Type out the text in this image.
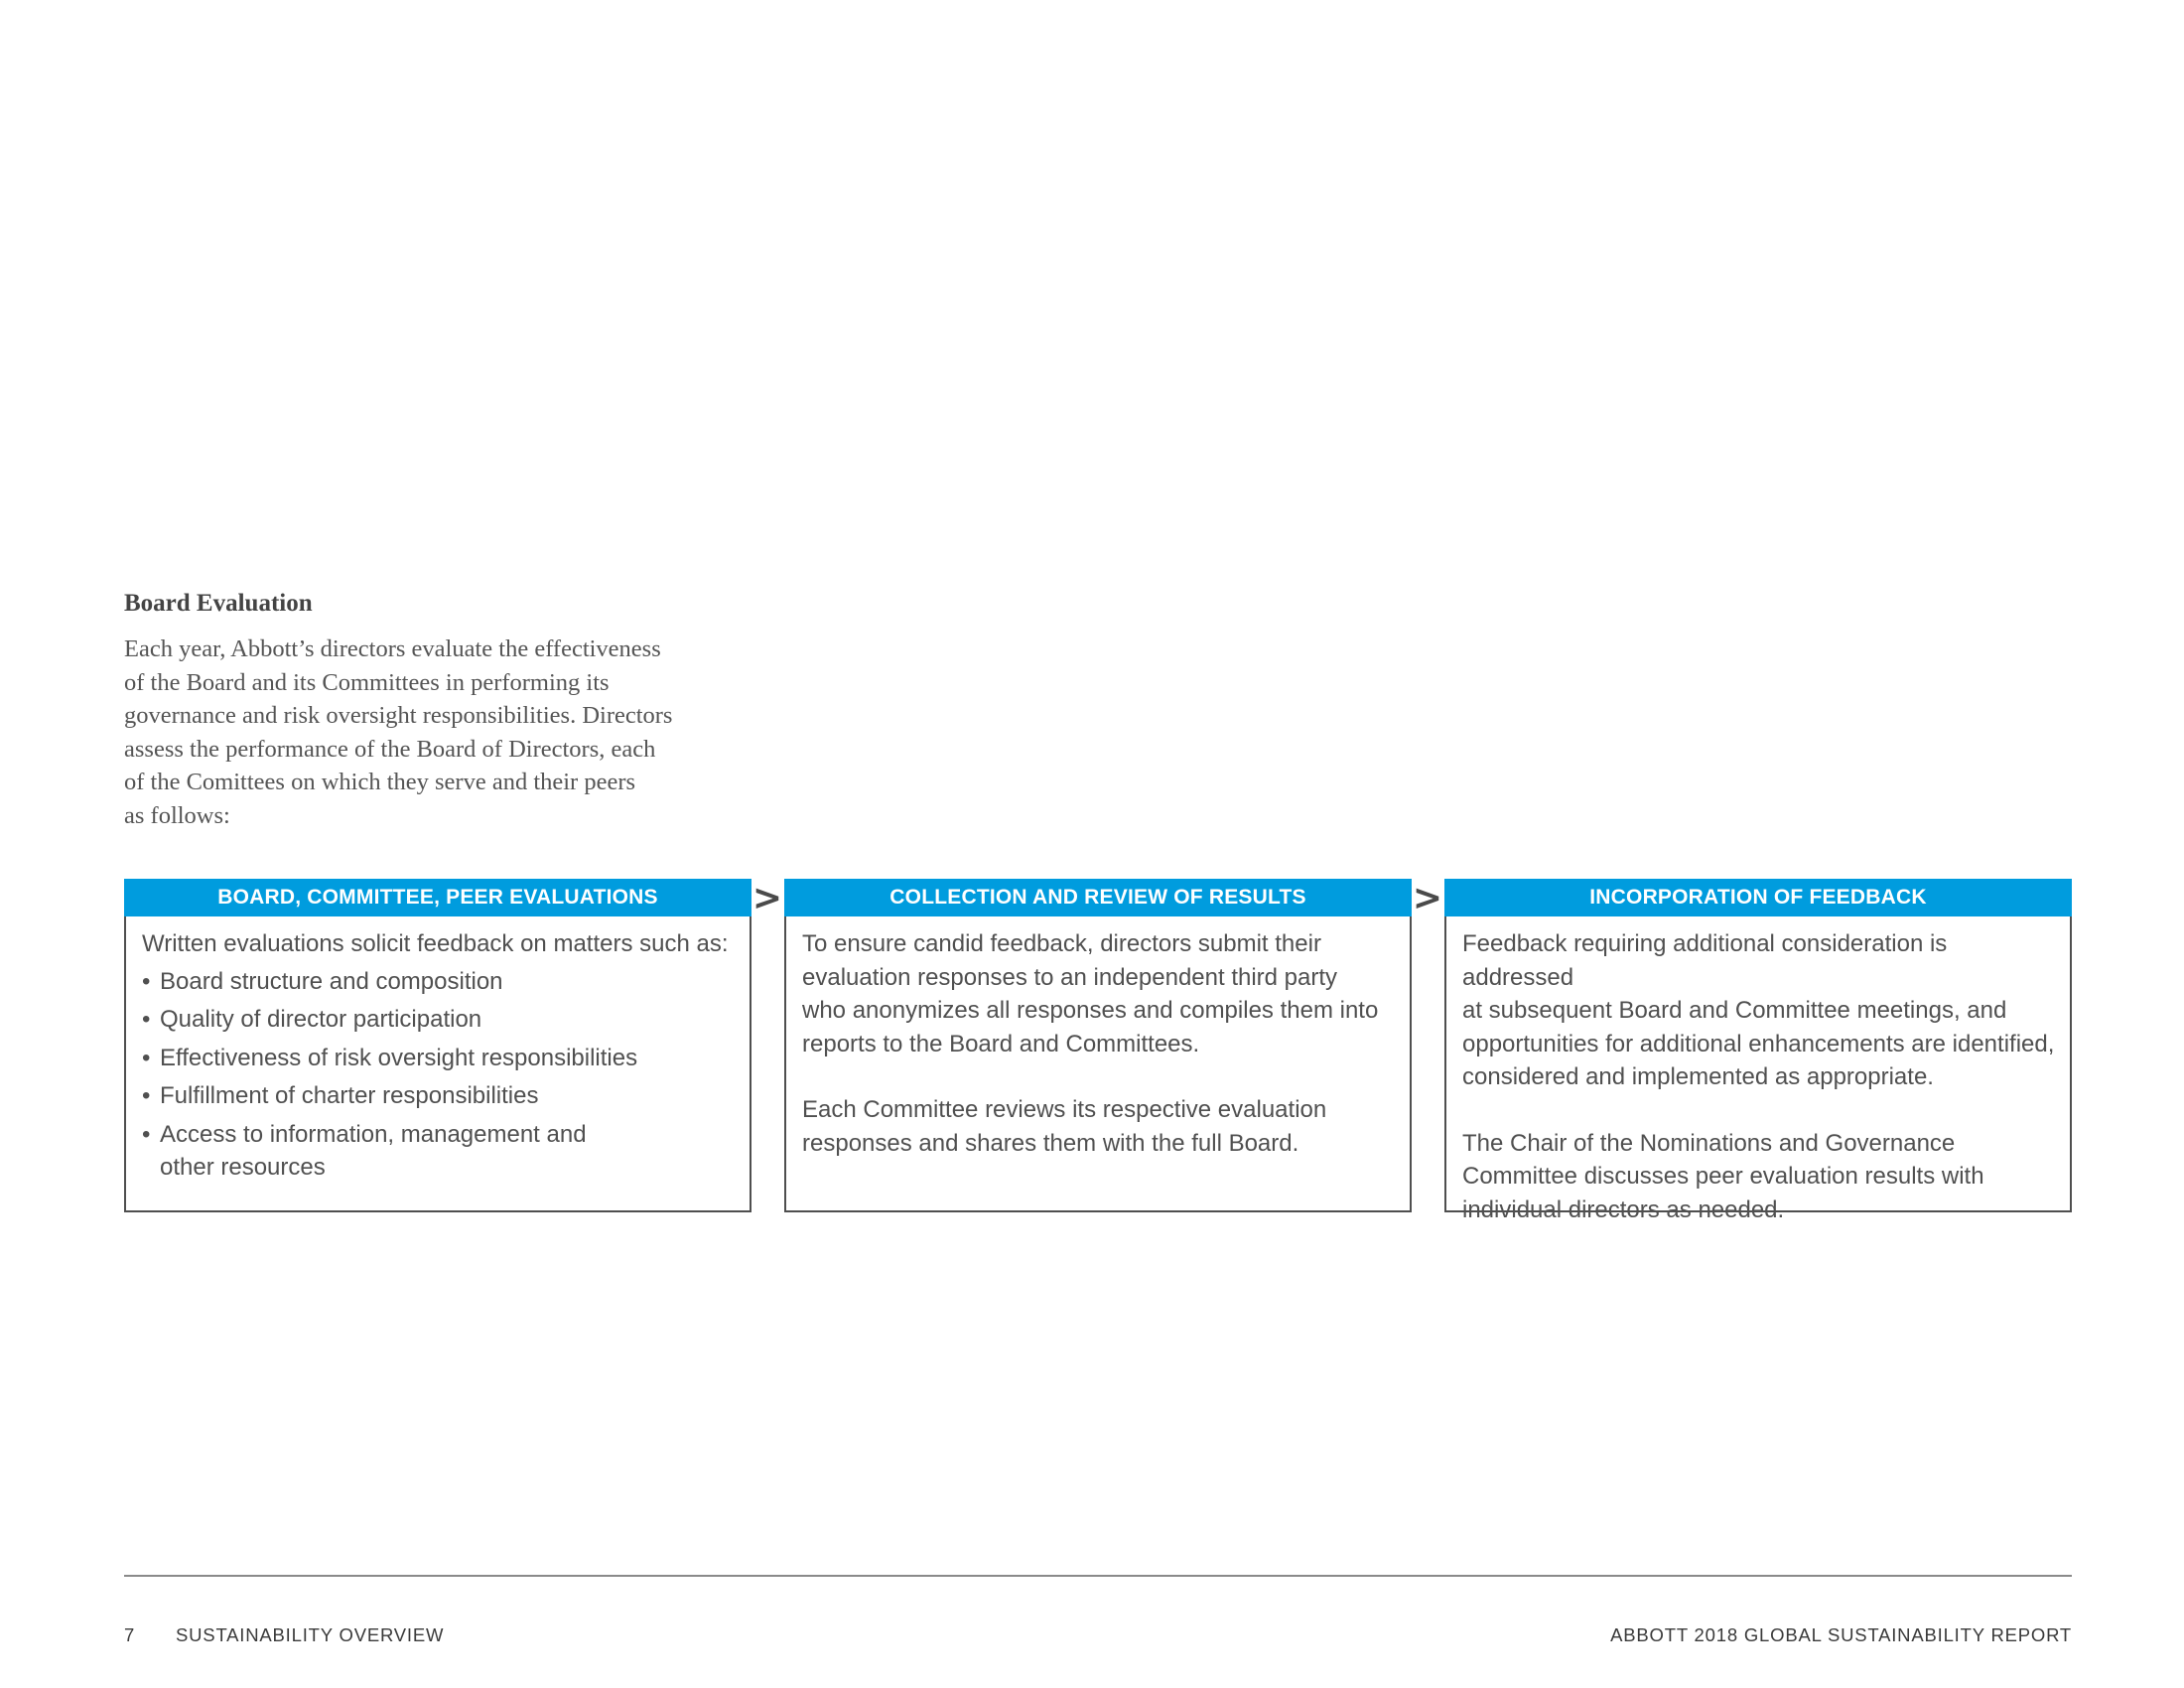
Board Evaluation

Each year, Abbott’s directors evaluate the effectiveness
of the Board and its Committees in performing its
governance and risk oversight responsibilities. Directors
assess the performance of the Board of Directors, each
of the Comittees on which they serve and their peers
as follows:

BOARD, COMMITTEE, PEER EVALUATIONS

Written evaluations solicit feedback on matters such as:

• Board structure and composition
• Quality of director participation
• Effectiveness of risk oversight responsibilities
• Fulfillment of charter responsibilities
• Access to information, management and
other resources
>	COLLECTION AND REVIEW OF RESULTS

To ensure candid feedback, directors submit their
evaluation responses to an independent third party
who anonymizes all responses and compiles them into
reports to the Board and Committees.

Each Committee reviews its respective evaluation
responses and shares them with the full Board.

>	INCORPORATION OF FEEDBACK

Feedback requiring additional consideration is addressed
at subsequent Board and Committee meetings, and
opportunities for additional enhancements are identified,
considered and implemented as appropriate.

The Chair of the Nominations and Governance
Committee discusses peer evaluation results with
individual directors as needed.

7 SUSTAINABILITY OVERVIEW	ABBOTT 2018 GLOBAL SUSTAINABILITY REPORT
